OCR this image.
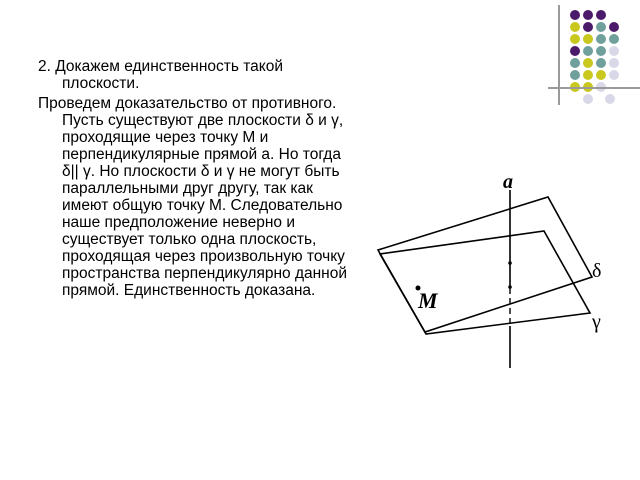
2. Докажем единственность такой плоскости.

Проведем доказательство от противного. Пусть существуют две плоскости δ и γ, проходящие через точку М и перпендикулярные прямой а. Но тогда δ|| γ. Но плоскости δ и γ не могут быть параллельными друг другу, так как имеют общую точку М. Следовательно наше предположение неверно и существует только одна плоскость, проходящая через произвольную точку пространства перпендикулярно данной прямой. Единственность доказана.

a
M
δ
γ
